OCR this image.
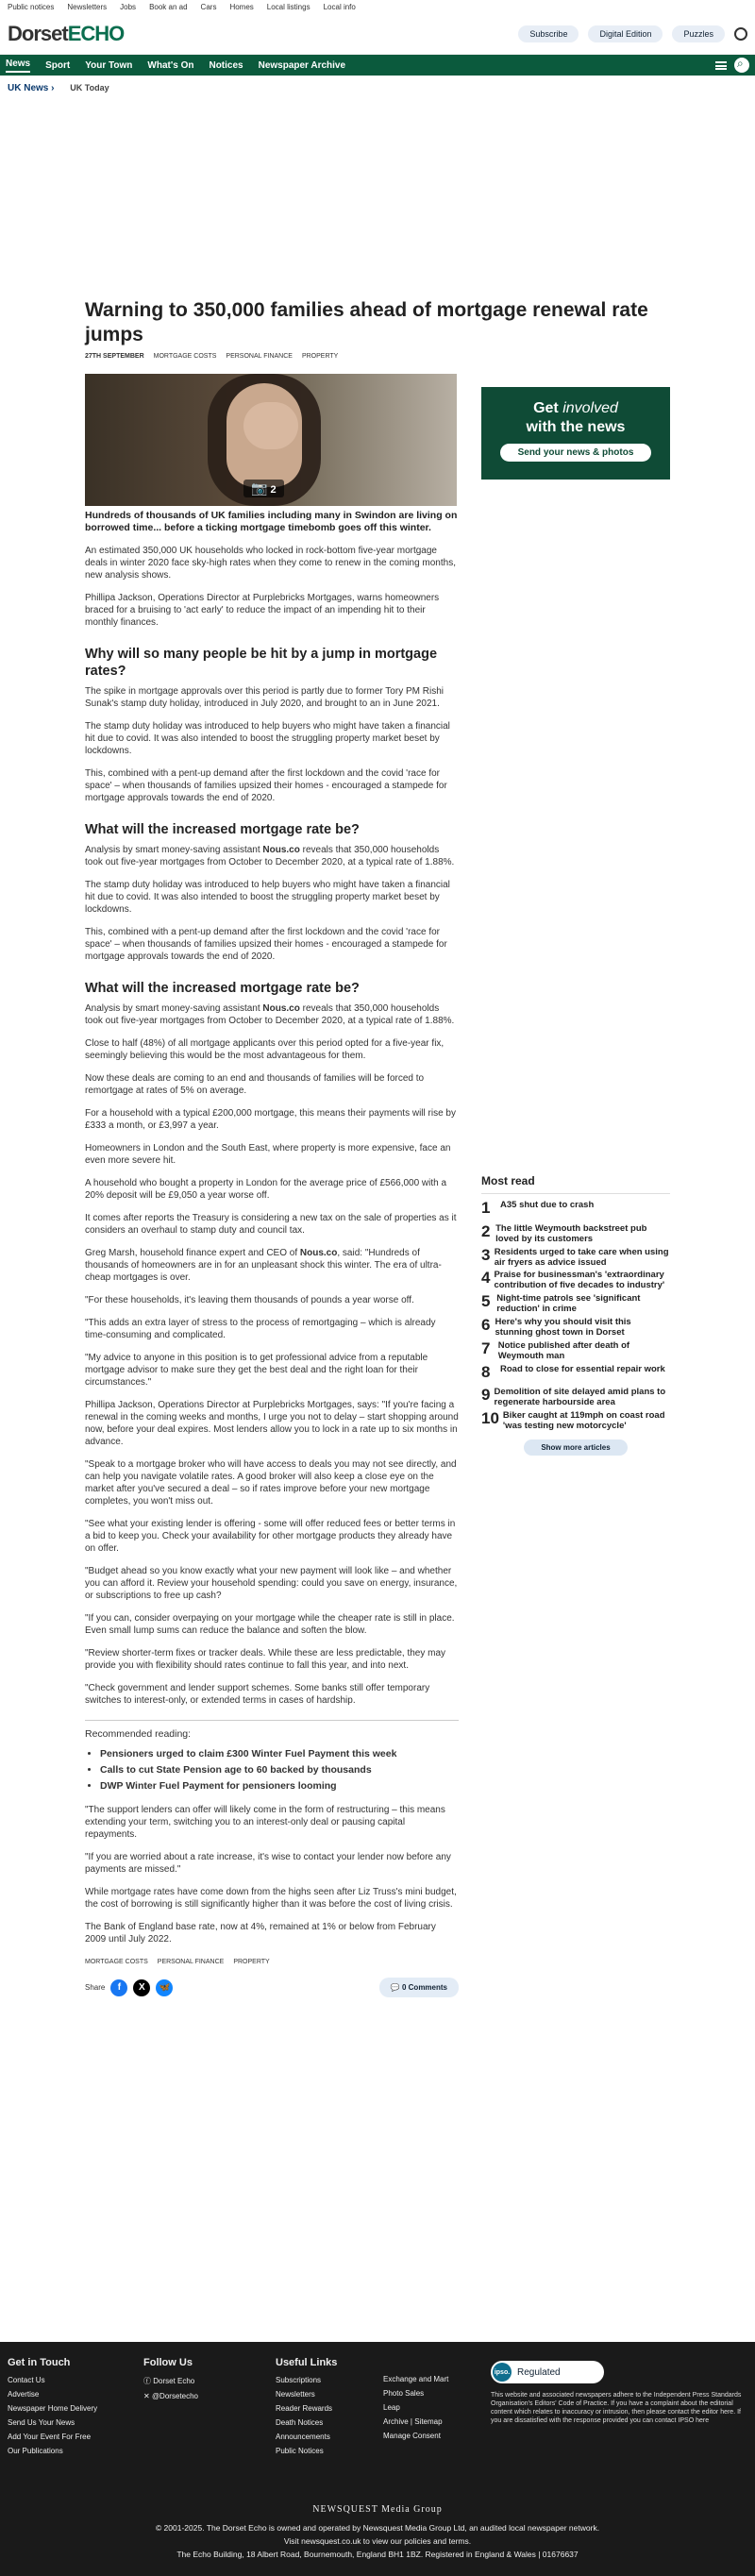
Public notices Newsletters Jobs Book an ad Cars Homes Local listings Local info
DorsetECHO	Subscribe	Digital Edition	Puzzles
News Sport Your Town What's On Notices Newspaper Archive
⌕
UK News › UK Today
Warning to 350,000 families ahead of mortgage renewal rate jumps
27TH SEPTEMBER MORTGAGE COSTS PERSONAL FINANCE PROPERTY
📷 2

Hundreds of thousands of UK families including many in Swindon are living on borrowed time... before a ticking mortgage timebomb goes off this winter.

An estimated 350,000 UK households who locked in rock-bottom five-year mortgage deals in winter 2020 face sky-high rates when they come to renew in the coming months, new analysis shows.

Phillipa Jackson, Operations Director at Purplebricks Mortgages, warns homeowners braced for a bruising to 'act early' to reduce the impact of an impending hit to their monthly finances.

Why will so many people be hit by a jump in mortgage rates?

The spike in mortgage approvals over this period is partly due to former Tory PM Rishi Sunak's stamp duty holiday, introduced in July 2020, and brought to an in June 2021.

The stamp duty holiday was introduced to help buyers who might have taken a financial hit due to covid. It was also intended to boost the struggling property market beset by lockdowns.

This, combined with a pent-up demand after the first lockdown and the covid 'race for space' – when thousands of families upsized their homes - encouraged a stampede for mortgage approvals towards the end of 2020.

What will the increased mortgage rate be?

Analysis by smart money-saving assistant Nous.co reveals that 350,000 households took out five-year mortgages from October to December 2020, at a typical rate of 1.88%.

The stamp duty holiday was introduced to help buyers who might have taken a financial hit due to covid. It was also intended to boost the struggling property market beset by lockdowns.

This, combined with a pent-up demand after the first lockdown and the covid 'race for space' – when thousands of families upsized their homes - encouraged a stampede for mortgage approvals towards the end of 2020.

What will the increased mortgage rate be?

Analysis by smart money-saving assistant Nous.co reveals that 350,000 households took out five-year mortgages from October to December 2020, at a typical rate of 1.88%.

Close to half (48%) of all mortgage applicants over this period opted for a five-year fix, seemingly believing this would be the most advantageous for them.

Now these deals are coming to an end and thousands of families will be forced to remortgage at rates of 5% on average.

For a household with a typical £200,000 mortgage, this means their payments will rise by £333 a month, or £3,997 a year.

Homeowners in London and the South East, where property is more expensive, face an even more severe hit.

A household who bought a property in London for the average price of £566,000 with a 20% deposit will be £9,050 a year worse off.

It comes after reports the Treasury is considering a new tax on the sale of properties as it considers an overhaul to stamp duty and council tax.

Greg Marsh, household finance expert and CEO of Nous.co, said: "Hundreds of thousands of homeowners are in for an unpleasant shock this winter. The era of ultra-cheap mortgages is over.

"For these households, it's leaving them thousands of pounds a year worse off.

"This adds an extra layer of stress to the process of remortgaging – which is already time-consuming and complicated.

"My advice to anyone in this position is to get professional advice from a reputable mortgage advisor to make sure they get the best deal and the right loan for their circumstances."

Phillipa Jackson, Operations Director at Purplebricks Mortgages, says: "If you're facing a renewal in the coming weeks and months, I urge you not to delay – start shopping around now, before your deal expires. Most lenders allow you to lock in a rate up to six months in advance.

"Speak to a mortgage broker who will have access to deals you may not see directly, and can help you navigate volatile rates. A good broker will also keep a close eye on the market after you've secured a deal – so if rates improve before your new mortgage completes, you won't miss out.

"See what your existing lender is offering - some will offer reduced fees or better terms in a bid to keep you. Check your availability for other mortgage products they already have on offer.

"Budget ahead so you know exactly what your new payment will look like – and whether you can afford it. Review your household spending: could you save on energy, insurance, or subscriptions to free up cash?

"If you can, consider overpaying on your mortgage while the cheaper rate is still in place. Even small lump sums can reduce the balance and soften the blow.

"Review shorter-term fixes or tracker deals. While these are less predictable, they may provide you with flexibility should rates continue to fall this year, and into next.

"Check government and lender support schemes. Some banks still offer temporary switches to interest-only, or extended terms in cases of hardship.

Recommended reading:
• Pensioners urged to claim £300 Winter Fuel Payment this week
• Calls to cut State Pension age to 60 backed by thousands
• DWP Winter Fuel Payment for pensioners looming

"The support lenders can offer will likely come in the form of restructuring – this means extending your term, switching you to an interest-only deal or pausing capital repayments.

"If you are worried about a rate increase, it's wise to contact your lender now before any payments are missed."

While mortgage rates have come down from the highs seen after Liz Truss's mini budget, the cost of borrowing is still significantly higher than it was before the cost of living crisis.

The Bank of England base rate, now at 4%, remained at 1% or below from February 2009 until July 2022.

MORTGAGE COSTS PERSONAL FINANCE PROPERTY
Share	f	X	🦋	💬 0 Comments
Get involved
with the news
Send your news & photos
Most read
1	A35 shut due to crash
2 The little Weymouth backstreet pub loved by its customers
3 Residents urged to take care when using air fryers as advice issued
4 Praise for businessman's 'extraordinary contribution of five decades to industry'
5 Night-time patrols see 'significant reduction' in crime
6 Here's why you should visit this stunning ghost town in Dorset
7 Notice published after death of Weymouth man
8	Road to close for essential repair work
9 Demolition of site delayed amid plans to regenerate harbourside area
10 Biker caught at 119mph on coast road 'was testing new motorcycle'
Show more articles
Get in Touch
Contact Us
Advertise
Newspaper Home Delivery
Send Us Your News
Add Your Event For Free
Our Publications
Follow Us
ⓕ Dorset Echo
✕ @Dorsetecho
Useful Links
Subscriptions
Newsletters
Reader Rewards
Death Notices
Announcements
Public Notices
Exchange and Mart
Photo Sales
Leap
Archive | Sitemap
Manage Consent
ipso. Regulated
This website and associated newspapers adhere to the Independent Press Standards Organisation's Editors' Code of Practice. If you have a complaint about the editorial content which relates to inaccuracy or intrusion, then please contact the editor here. If you are dissatisfied with the response provided you can contact IPSO here
NEWSQUEST Media Group
© 2001-2025. The Dorset Echo is owned and operated by Newsquest Media Group Ltd, an audited local newspaper network.
Visit newsquest.co.uk to view our policies and terms.
The Echo Building, 18 Albert Road, Bournemouth, England BH1 1BZ. Registered in England & Wales | 01676637
